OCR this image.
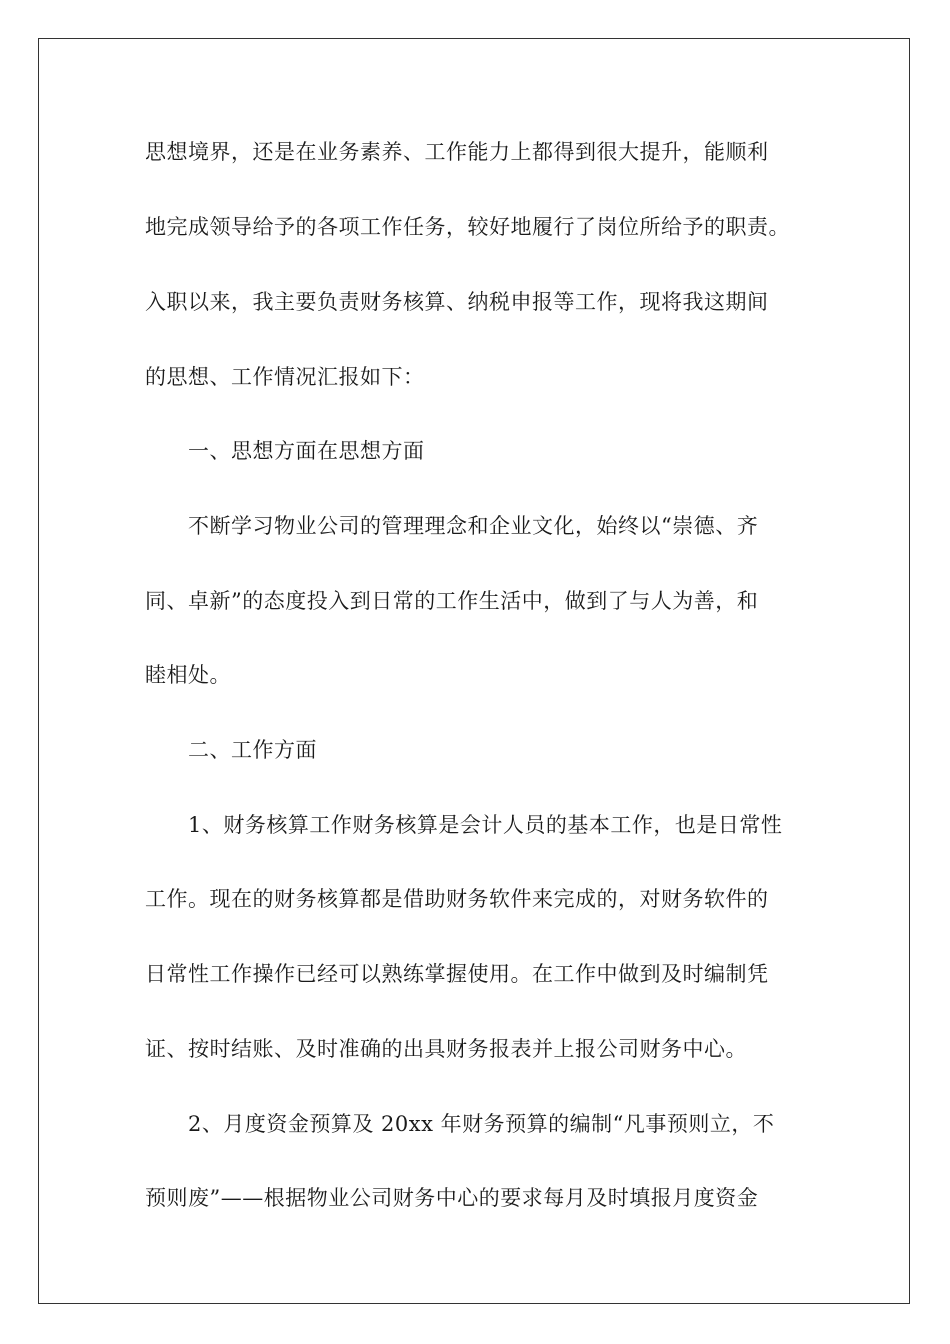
思想境界，还是在业务素养、工作能力上都得到很大提升，能顺利
地完成领导给予的各项工作任务，较好地履行了岗位所给予的职责。
入职以来，我主要负责财务核算、纳税申报等工作，现将我这期间
的思想、工作情况汇报如下：
一、思想方面在思想方面
不断学习物业公司的管理理念和企业文化，始终以“崇德、齐
同、卓新”的态度投入到日常的工作生活中，做到了与人为善，和
睦相处。
二、工作方面
1、财务核算工作财务核算是会计人员的基本工作，也是日常性
工作。现在的财务核算都是借助财务软件来完成的，对财务软件的
日常性工作操作已经可以熟练掌握使用。在工作中做到及时编制凭
证、按时结账、及时准确的出具财务报表并上报公司财务中心。
2、月度资金预算及 20xx 年财务预算的编制“凡事预则立，不
预则废”——根据物业公司财务中心的要求每月及时填报月度资金
